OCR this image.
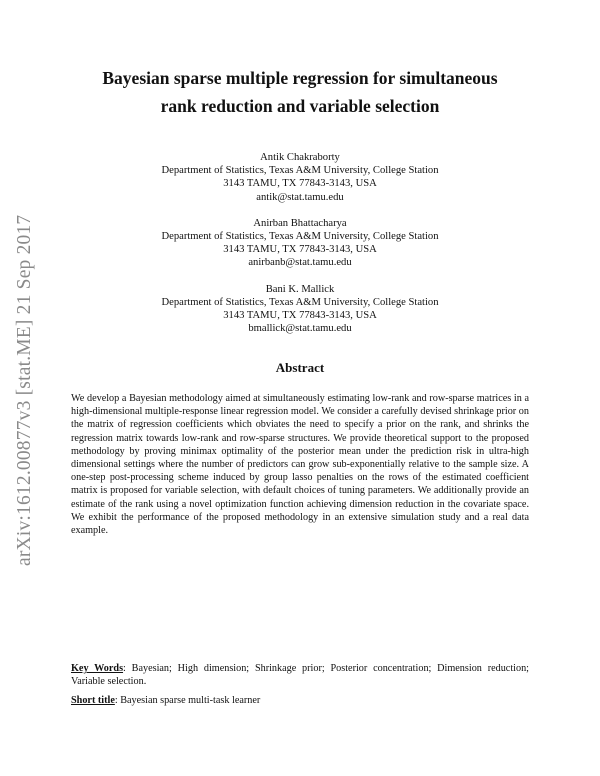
arXiv:1612.00877v3 [stat.ME] 21 Sep 2017
Bayesian sparse multiple regression for simultaneous
rank reduction and variable selection
Antik Chakraborty
Department of Statistics, Texas A&M University, College Station
3143 TAMU, TX 77843-3143, USA
antik@stat.tamu.edu
Anirban Bhattacharya
Department of Statistics, Texas A&M University, College Station
3143 TAMU, TX 77843-3143, USA
anirbanb@stat.tamu.edu
Bani K. Mallick
Department of Statistics, Texas A&M University, College Station
3143 TAMU, TX 77843-3143, USA
bmallick@stat.tamu.edu
Abstract
We develop a Bayesian methodology aimed at simultaneously estimating low-rank and row-sparse matrices in a high-dimensional multiple-response linear regression model. We consider a carefully devised shrinkage prior on the matrix of regression coefficients which obviates the need to specify a prior on the rank, and shrinks the regression matrix towards low-rank and row-sparse structures. We provide theoretical support to the proposed methodology by proving minimax optimality of the posterior mean under the prediction risk in ultra-high dimensional settings where the number of predictors can grow sub-exponentially relative to the sample size. A one-step post-processing scheme induced by group lasso penalties on the rows of the estimated coefficient matrix is proposed for variable selection, with default choices of tuning parameters. We additionally provide an estimate of the rank using a novel optimization function achieving dimension reduction in the covariate space. We exhibit the performance of the proposed methodology in an extensive simulation study and a real data example.
Key Words: Bayesian; High dimension; Shrinkage prior; Posterior concentration; Dimension reduction; Variable selection.
Short title: Bayesian sparse multi-task learner
